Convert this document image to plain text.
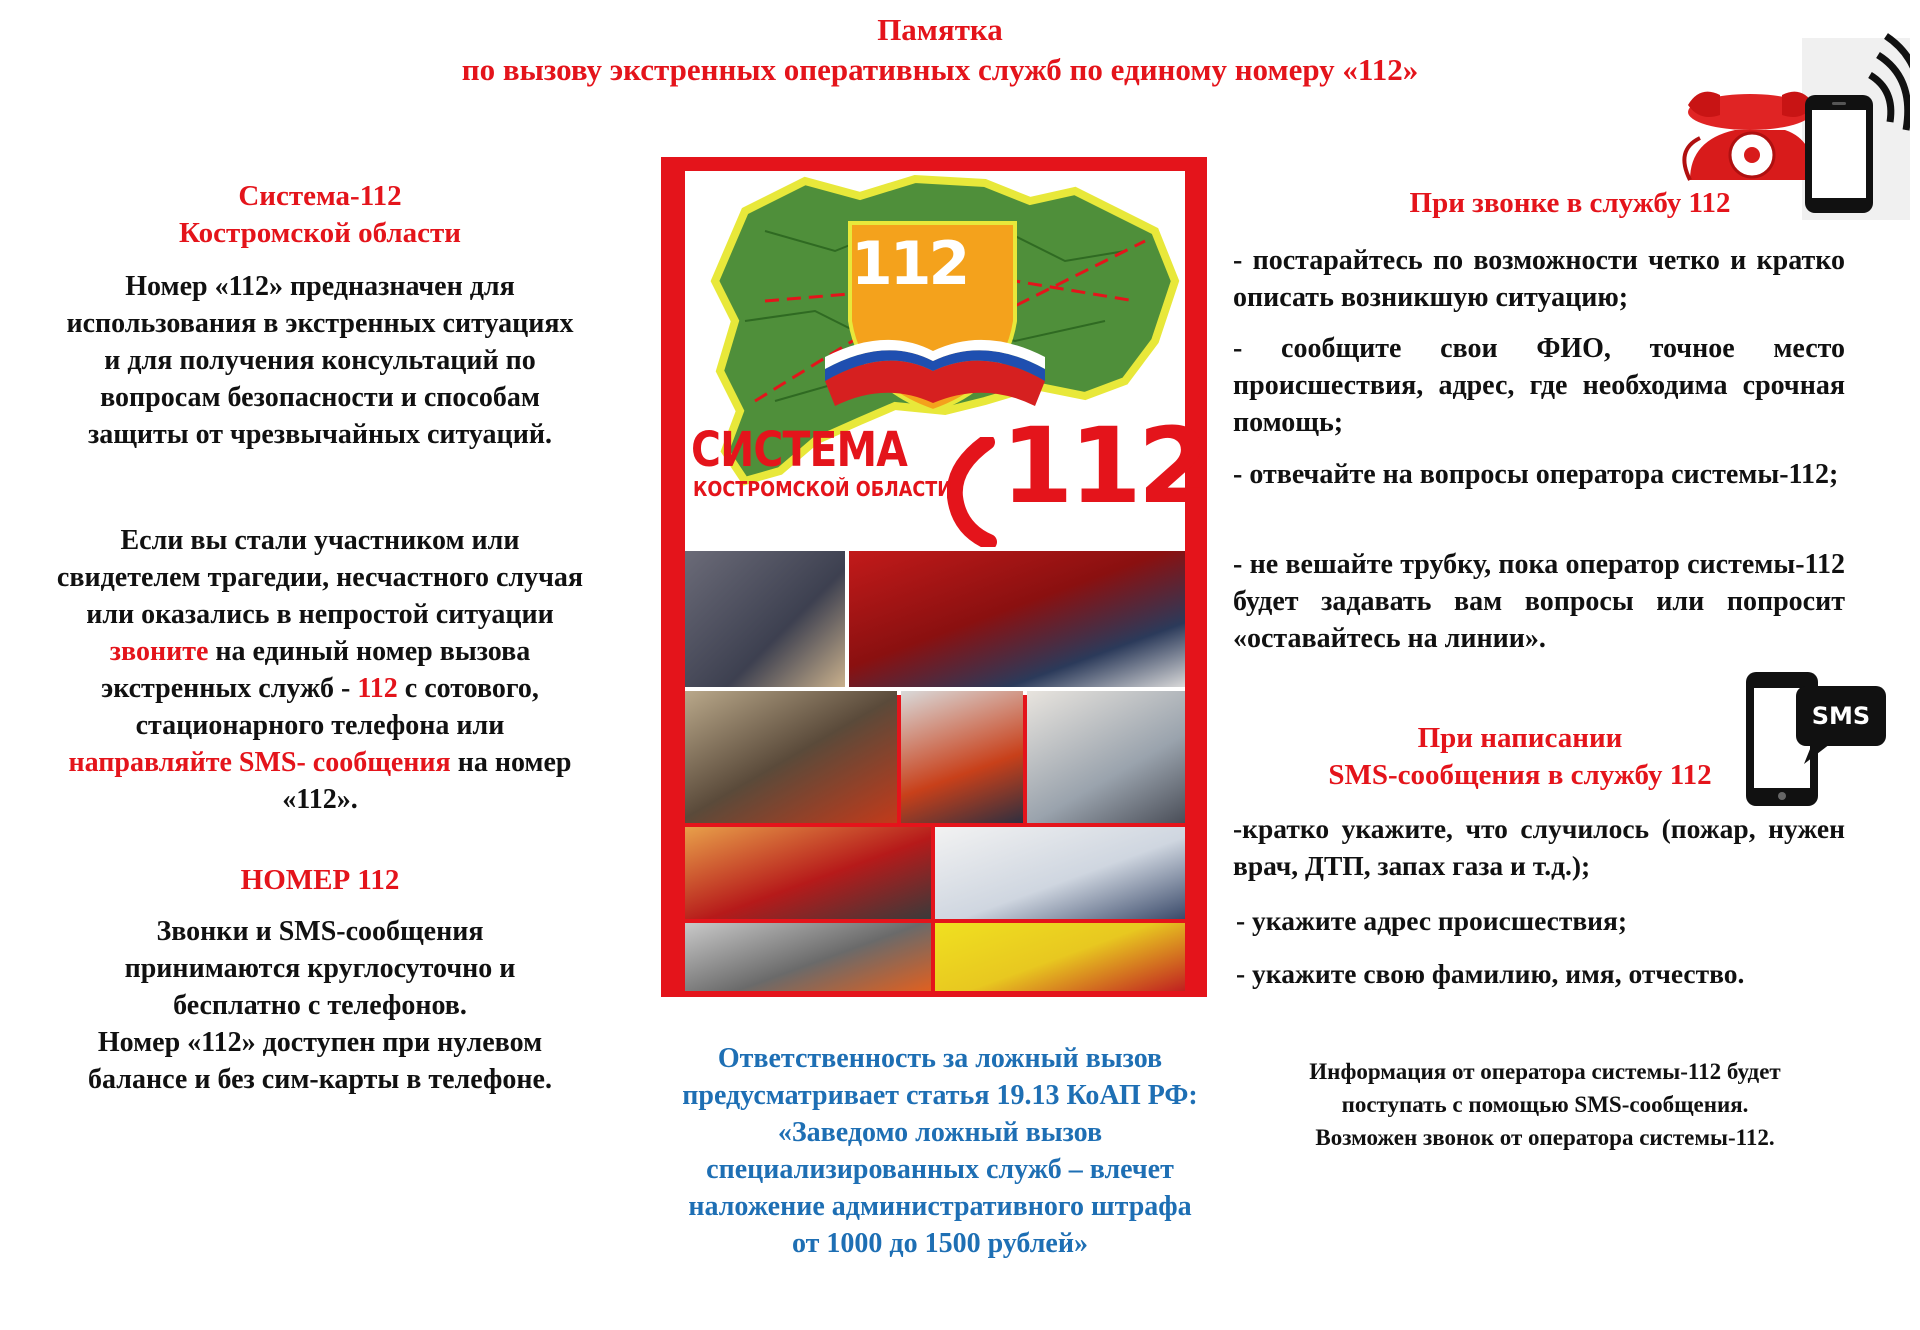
Памятка
по вызову экстренных оперативных служб по единому номеру «112»
Система-112
Костромской области
Номер «112» предназначен для использования в экстренных ситуациях и для получения консультаций по вопросам безопасности и способам защиты от чрезвычайных ситуаций.
Если вы стали участником или свидетелем трагедии, несчастного случая или оказались в непростой ситуации звоните на единый номер вызова экстренных служб - 112 с сотового, стационарного телефона или направляйте SMS- сообщения на номер «112».
НОМЕР 112
Звонки и SMS-сообщения
принимаются круглосуточно и
бесплатно с телефонов.
Номер «112» доступен при нулевом
балансе и без сим-карты в телефоне.
112
СИСТЕМА
КОСТРОМСКОЙ ОБЛАСТИ 112
При звонке в службу 112

- постарайтесь по возможности четко и кратко описать возникшую ситуацию;

- сообщите свои ФИО, точное место происшествия, адрес, где необходима срочная помощь;

- отвечайте на вопросы оператора системы-112;

- не вешайте трубку, пока оператор системы-112 будет задавать вам вопросы или попросит «оставайтесь на линии».

При написании
SMS-сообщения в службу 112
SMS

-кратко укажите, что случилось (пожар, нужен врач, ДТП, запах газа и т.д.);

- укажите адрес происшествия;
- укажите свою фамилию, имя, отчество.
Информация от оператора системы-112 будет
поступать с помощью SMS-сообщения.
Возможен звонок от оператора системы-112.
Ответственность за ложный вызов
предусматривает статья 19.13 КоАП РФ:
«Заведомо ложный вызов
специализированных служб – влечет
наложение административного штрафа
от 1000 до 1500 рублей»
